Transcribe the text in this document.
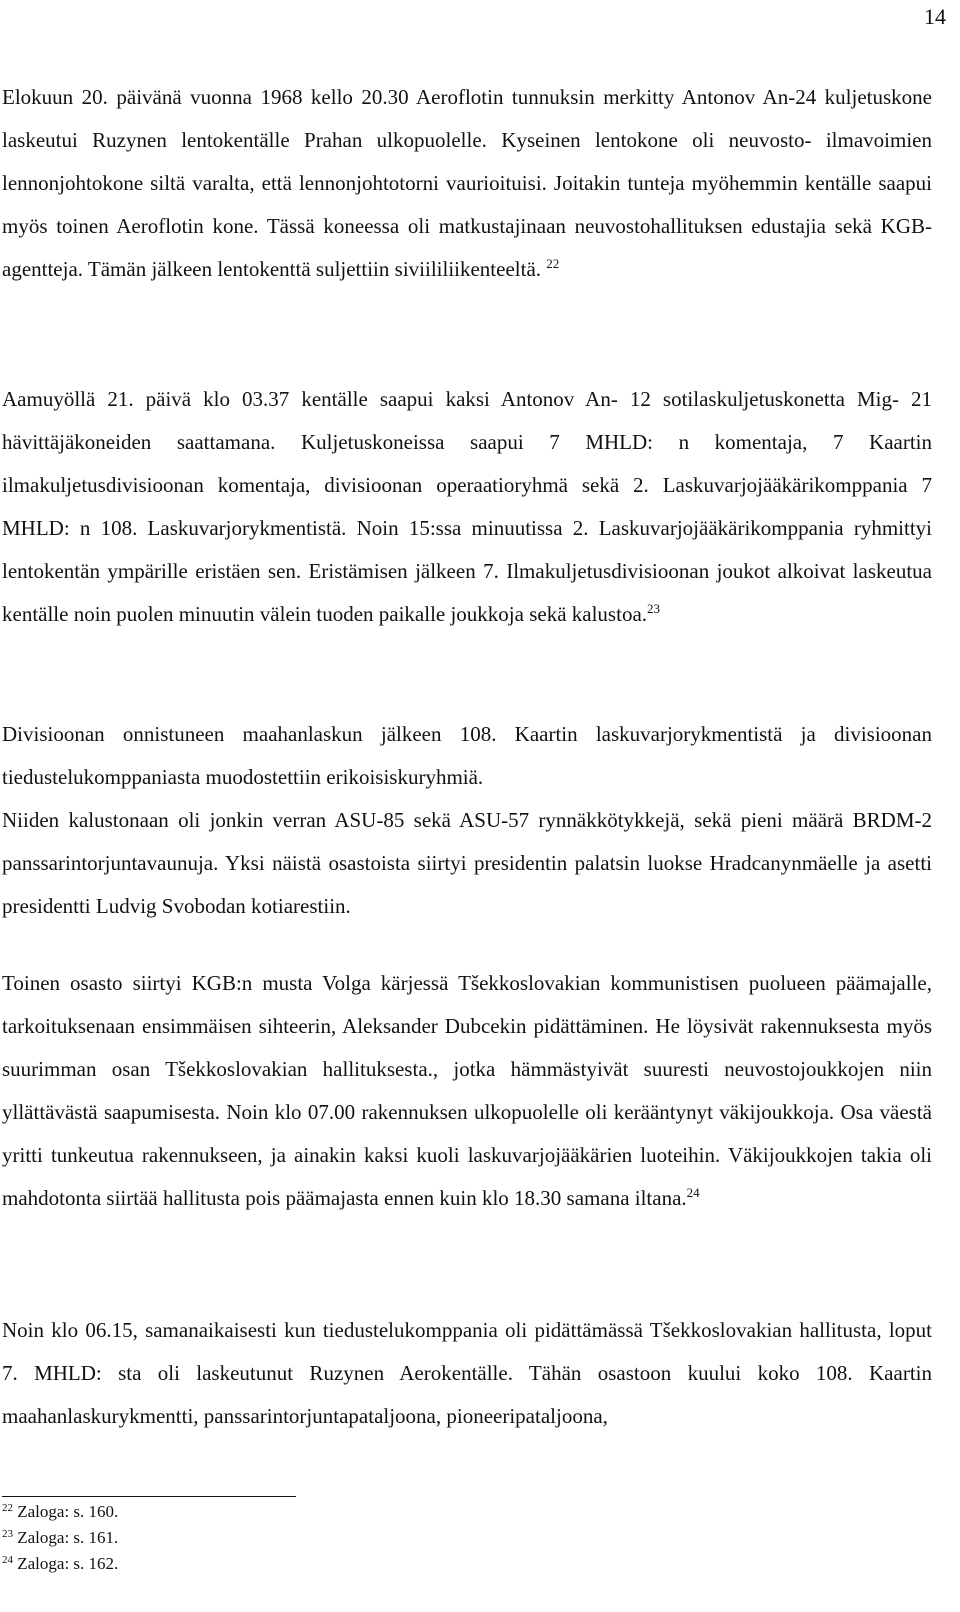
14

Elokuun 20. päivänä vuonna 1968 kello 20.30 Aeroflotin tunnuksin merkitty Antonov An-24 kuljetuskone laskeutui Ruzynen lentokentälle Prahan ulkopuolelle. Kyseinen lentokone oli neuvosto- ilmavoimien lennonjohtokone siltä varalta, että lennonjohtotorni vaurioituisi. Joitakin tunteja myöhemmin kentälle saapui myös toinen Aeroflotin kone. Tässä koneessa oli matkustajinaan neuvostohallituksen edustajia sekä KGB- agentteja. Tämän jälkeen lentokenttä suljettiin siviililiikenteeltä. $^{22}$

Aamuyöllä 21. päivä klo 03.37 kentälle saapui kaksi Antonov An- 12 sotilaskuljetuskonetta Mig- 21 hävittäjäkoneiden saattamana. Kuljetuskoneissa saapui 7 MHLD: n komentaja, 7 Kaartin ilmakuljetusdivisioonan komentaja, divisioonan operaatioryhmä sekä 2. Laskuvarjojääkärikomppania 7 MHLD: n 108. Laskuvarjorykmentistä. Noin 15:ssa minuutissa 2. Laskuvarjojääkärikomppania ryhmittyi lentokentän ympärille eristäen sen. Eristämisen jälkeen 7. Ilmakuljetusdivisioonan joukot alkoivat laskeutua kentälle noin puolen minuutin välein tuoden paikalle joukkoja sekä kalustoa.$^{23}$

Divisioonan onnistuneen maahanlaskun jälkeen 108. Kaartin laskuvarjorykmentistä ja divisioonan tiedustelukomppaniasta muodostettiin erikoisiskuryhmiä.
Niiden kalustonaan oli jonkin verran ASU-85 sekä ASU-57 rynnäkkötykkejä, sekä pieni määrä BRDM-2 panssarintorjuntavaunuja. Yksi näistä osastoista siirtyi presidentin palatsin luokse Hradcanynmäelle ja asetti presidentti Ludvig Svobodan kotiarestiin.

Toinen osasto siirtyi KGB:n musta Volga kärjessä Tšekkoslovakian kommunistisen puolueen päämajalle, tarkoituksenaan ensimmäisen sihteerin, Aleksander Dubcekin pidättäminen. He löysivät rakennuksesta myös suurimman osan Tšekkoslovakian hallituksesta., jotka hämmästyivät suuresti neuvostojoukkojen niin yllättävästä saapumisesta. Noin klo 07.00 rakennuksen ulkopuolelle oli kerääntynyt väkijoukkoja. Osa väestä yritti tunkeutua rakennukseen, ja ainakin kaksi kuoli laskuvarjojääkärien luoteihin. Väkijoukkojen takia oli mahdotonta siirtää hallitusta pois päämajasta ennen kuin klo 18.30 samana iltana.$^{24}$

Noin klo 06.15, samanaikaisesti kun tiedustelukomppania oli pidättämässä Tšekkoslovakian hallitusta, loput 7. MHLD: sta oli laskeutunut Ruzynen Aerokentälle. Tähän osastoon kuului koko 108. Kaartin maahanlaskurykmentti, panssarintorjuntapataljoona, pioneeripataljoona,

$^{22}$ Zaloga: s. 160.
$^{23}$ Zaloga: s. 161.
$^{24}$ Zaloga: s. 162.
